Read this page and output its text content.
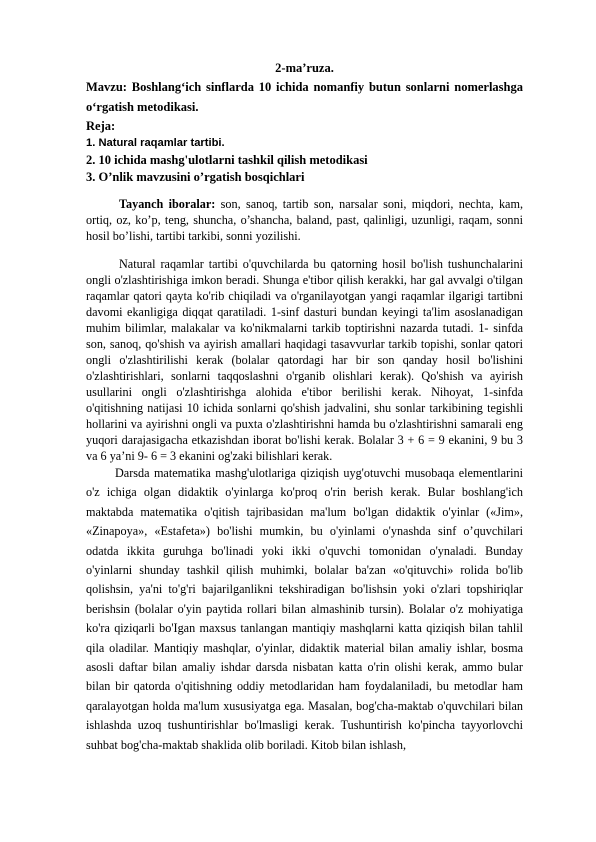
2-ma’ruza.

Mavzu: Boshlang‘ich sinflarda 10 ichida nomanfiy butun sonlarni nomerlashga o‘rgatish metodikasi.

Reja:

1. Natural raqamlar tartibi.
2. 10 ichida mashg'ulotlarni tashkil qilish metodikasi
3. O’nlik mavzusini o’rgatish bosqichlari

Tayanch iboralar: son, sanoq, tartib son, narsalar soni, miqdori, nechta, kam, ortiq, oz, ko’p, teng, shuncha, o’shancha, baland, past, qalinligi, uzunligi, raqam, sonni hosil bo’lishi, tartibi tarkibi, sonni yozilishi.

Natural raqamlar tartibi o'quvchilarda bu qatorning hosil bo'lish tushunchalarini ongli o'zlashtirishiga imkon beradi. Shunga e'tibor qilish kerakki, har gal avvalgi o'tilgan raqamlar qatori qayta ko'rib chiqiladi va o'rganilayotgan yangi raqamlar ilgarigi tartibni davomi ekanligiga diqqat qaratiladi. 1-sinf dasturi bundan keyingi ta'lim asoslanadigan muhim bilimlar, malakalar va ko'nikmalarni tarkib toptirishni nazarda tutadi. 1- sinfda son, sanoq, qo'shish va ayirish amallari haqidagi tasavvurlar tarkib topishi, sonlar qatori ongli o'zlashtirilishi kerak (bolalar qatordagi har bir son qanday hosil bo'lishini o'zlashtirishlari, sonlarni taqqoslashni o'rganib olishlari kerak). Qo'shish va ayirish usullarini ongli o'zlashtirishga alohida e'tibor berilishi kerak. Nihoyat, 1-sinfda o'qitishning natijasi 10 ichida sonlarni qo'shish jadvalini, shu sonlar tarkibining tegishli hollarini va ayirishni ongli va puxta o'zlashtirishni hamda bu o'zlashtirishni samarali eng yuqori darajasigacha etkazishdan iborat bo'lishi kerak. Bolalar 3 + 6 = 9 ekanini, 9 bu 3 va 6 ya’ni 9- 6 = 3 ekanini og'zaki bilishlari kerak.

Darsda matematika mashg'ulotlariga qiziqish uyg'otuvchi musobaqa elementlarini o'z ichiga olgan didaktik o'yinlarga ko'proq o'rin berish kerak. Bular boshlang'ich maktabda matematika o'qitish tajribasidan ma'lum bo'lgan didaktik o'yinlar («Jim», «Zinapoya», «Estafeta») bo'lishi mumkin, bu o'yinlami o'ynashda sinf o’quvchilari odatda ikkita guruhga bo'linadi yoki ikki o'quvchi tomonidan o'ynaladi. Bunday o'yinlarni shunday tashkil qilish muhimki, bolalar ba'zan «o'qituvchi» rolida bo'lib qolishsin, ya'ni to'g'ri bajarilganlikni tekshiradigan bo'lishsin yoki o'zlari topshiriqlar berishsin (bolalar o'yin paytida rollari bilan almashinib tursin). Bolalar o'z mohiyatiga ko'ra qiziqarli bo'Igan maxsus tanlangan mantiqiy mashqlarni katta qiziqish bilan tahlil qila oladilar. Mantiqiy mashqlar, o'yinlar, didaktik material bilan amaliy ishlar, bosma asosli daftar bilan amaliy ishdar darsda nisbatan katta o'rin olishi kerak, ammo bular bilan bir qatorda o'qitishning oddiy metodlaridan ham foydalaniladi, bu metodlar ham qaralayotgan holda ma'lum xususiyatga ega. Masalan, bog'cha-maktab o'quvchilari bilan ishlashda uzoq tushuntirishlar bo'lmasligi kerak. Tushuntirish ko'pincha tayyorlovchi suhbat bog'cha-maktab shaklida olib boriladi. Kitob bilan ishlash,
